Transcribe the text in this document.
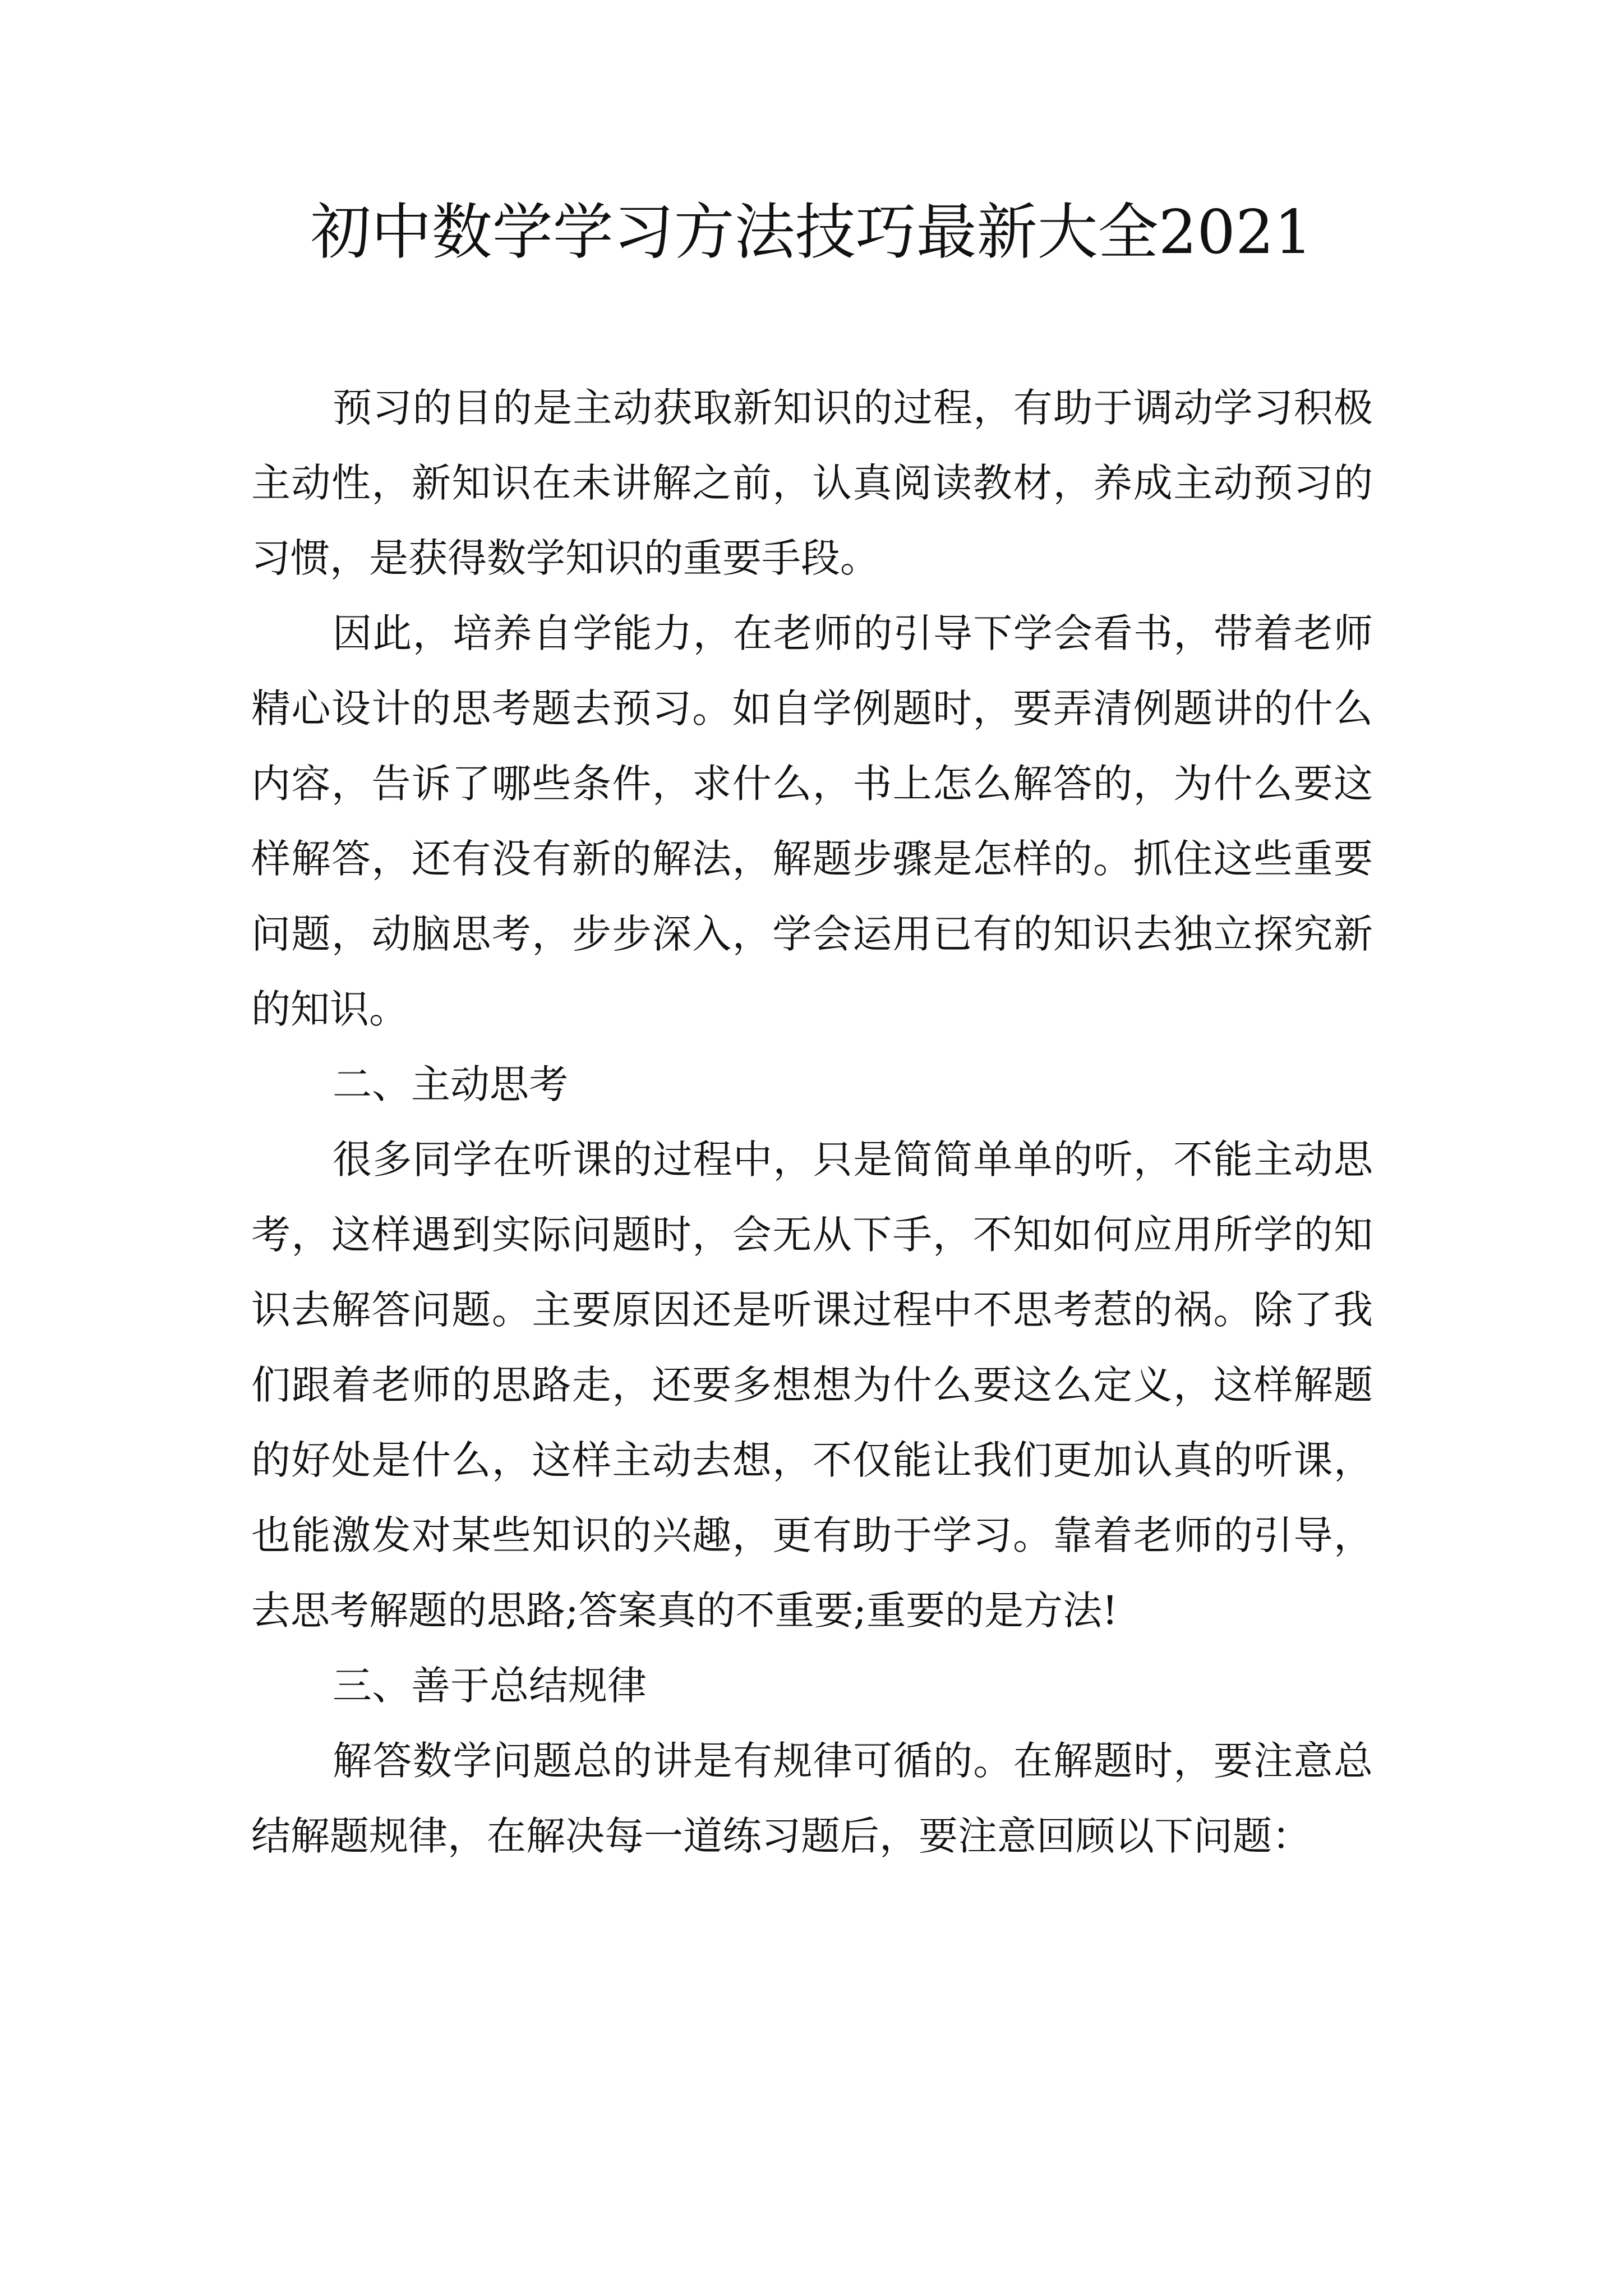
初中数学学习方法技巧最新大全2021

预习的目的是主动获取新知识的过程，有助于调动学习积极主动性，新知识在未讲解之前，认真阅读教材，养成主动预习的习惯，是获得数学知识的重要手段。

因此，培养自学能力，在老师的引导下学会看书，带着老师精心设计的思考题去预习。如自学例题时，要弄清例题讲的什么内容，告诉了哪些条件，求什么，书上怎么解答的，为什么要这样解答，还有没有新的解法，解题步骤是怎样的。抓住这些重要问题，动脑思考，步步深入，学会运用已有的知识去独立探究新的知识。

二、主动思考

很多同学在听课的过程中，只是简简单单的听，不能主动思考，这样遇到实际问题时，会无从下手，不知如何应用所学的知识去解答问题。主要原因还是听课过程中不思考惹的祸。除了我们跟着老师的思路走，还要多想想为什么要这么定义，这样解题的好处是什么，这样主动去想，不仅能让我们更加认真的听课，也能激发对某些知识的兴趣，更有助于学习。靠着老师的引导，去思考解题的思路;答案真的不重要;重要的是方法!

三、善于总结规律

解答数学问题总的讲是有规律可循的。在解题时，要注意总结解题规律，在解决每一道练习题后，要注意回顾以下问题：
